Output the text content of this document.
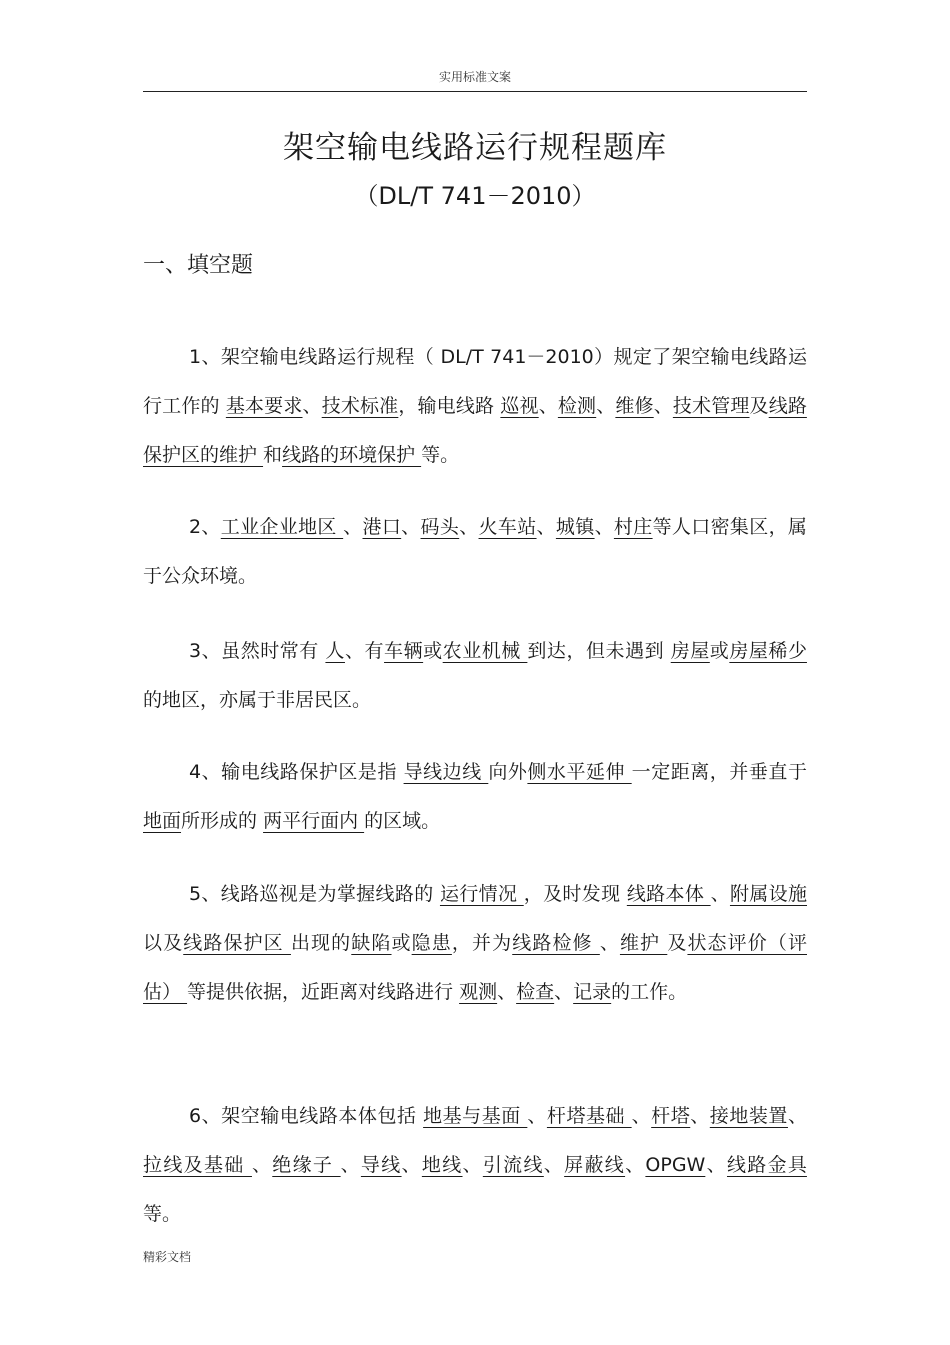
实用标准文案
架空输电线路运行规程题库
（DL/T 741－2010）
一、填空题

1、架空输电线路运行规程（ DL/T 741－2010）规定了架空输电线路运行工作的 基本要求、技术标准，输电线路 巡视、检测、维修、技术管理及线路保护区的维护 和线路的环境保护 等。

2、工业企业地区 、港口、码头、火车站、城镇、村庄等人口密集区，属于公众环境。

3、虽然时常有 人、有车辆或农业机械 到达，但未遇到 房屋或房屋稀少的地区，亦属于非居民区。

4、输电线路保护区是指 导线边线 向外侧水平延伸 一定距离，并垂直于 地面所形成的 两平行面内 的区域。

5、线路巡视是为掌握线路的 运行情况 ，及时发现 线路本体 、附属设施 以及线路保护区 出现的缺陷或隐患，并为线路检修 、维护 及状态评价（评估） 等提供依据，近距离对线路进行 观测、检查、记录的工作。

6、架空输电线路本体包括 地基与基面 、杆塔基础 、杆塔、接地装置、拉线及基础 、绝缘子 、导线、地线、引流线、屏蔽线、OPGW、线路金具 等。

精彩文档
